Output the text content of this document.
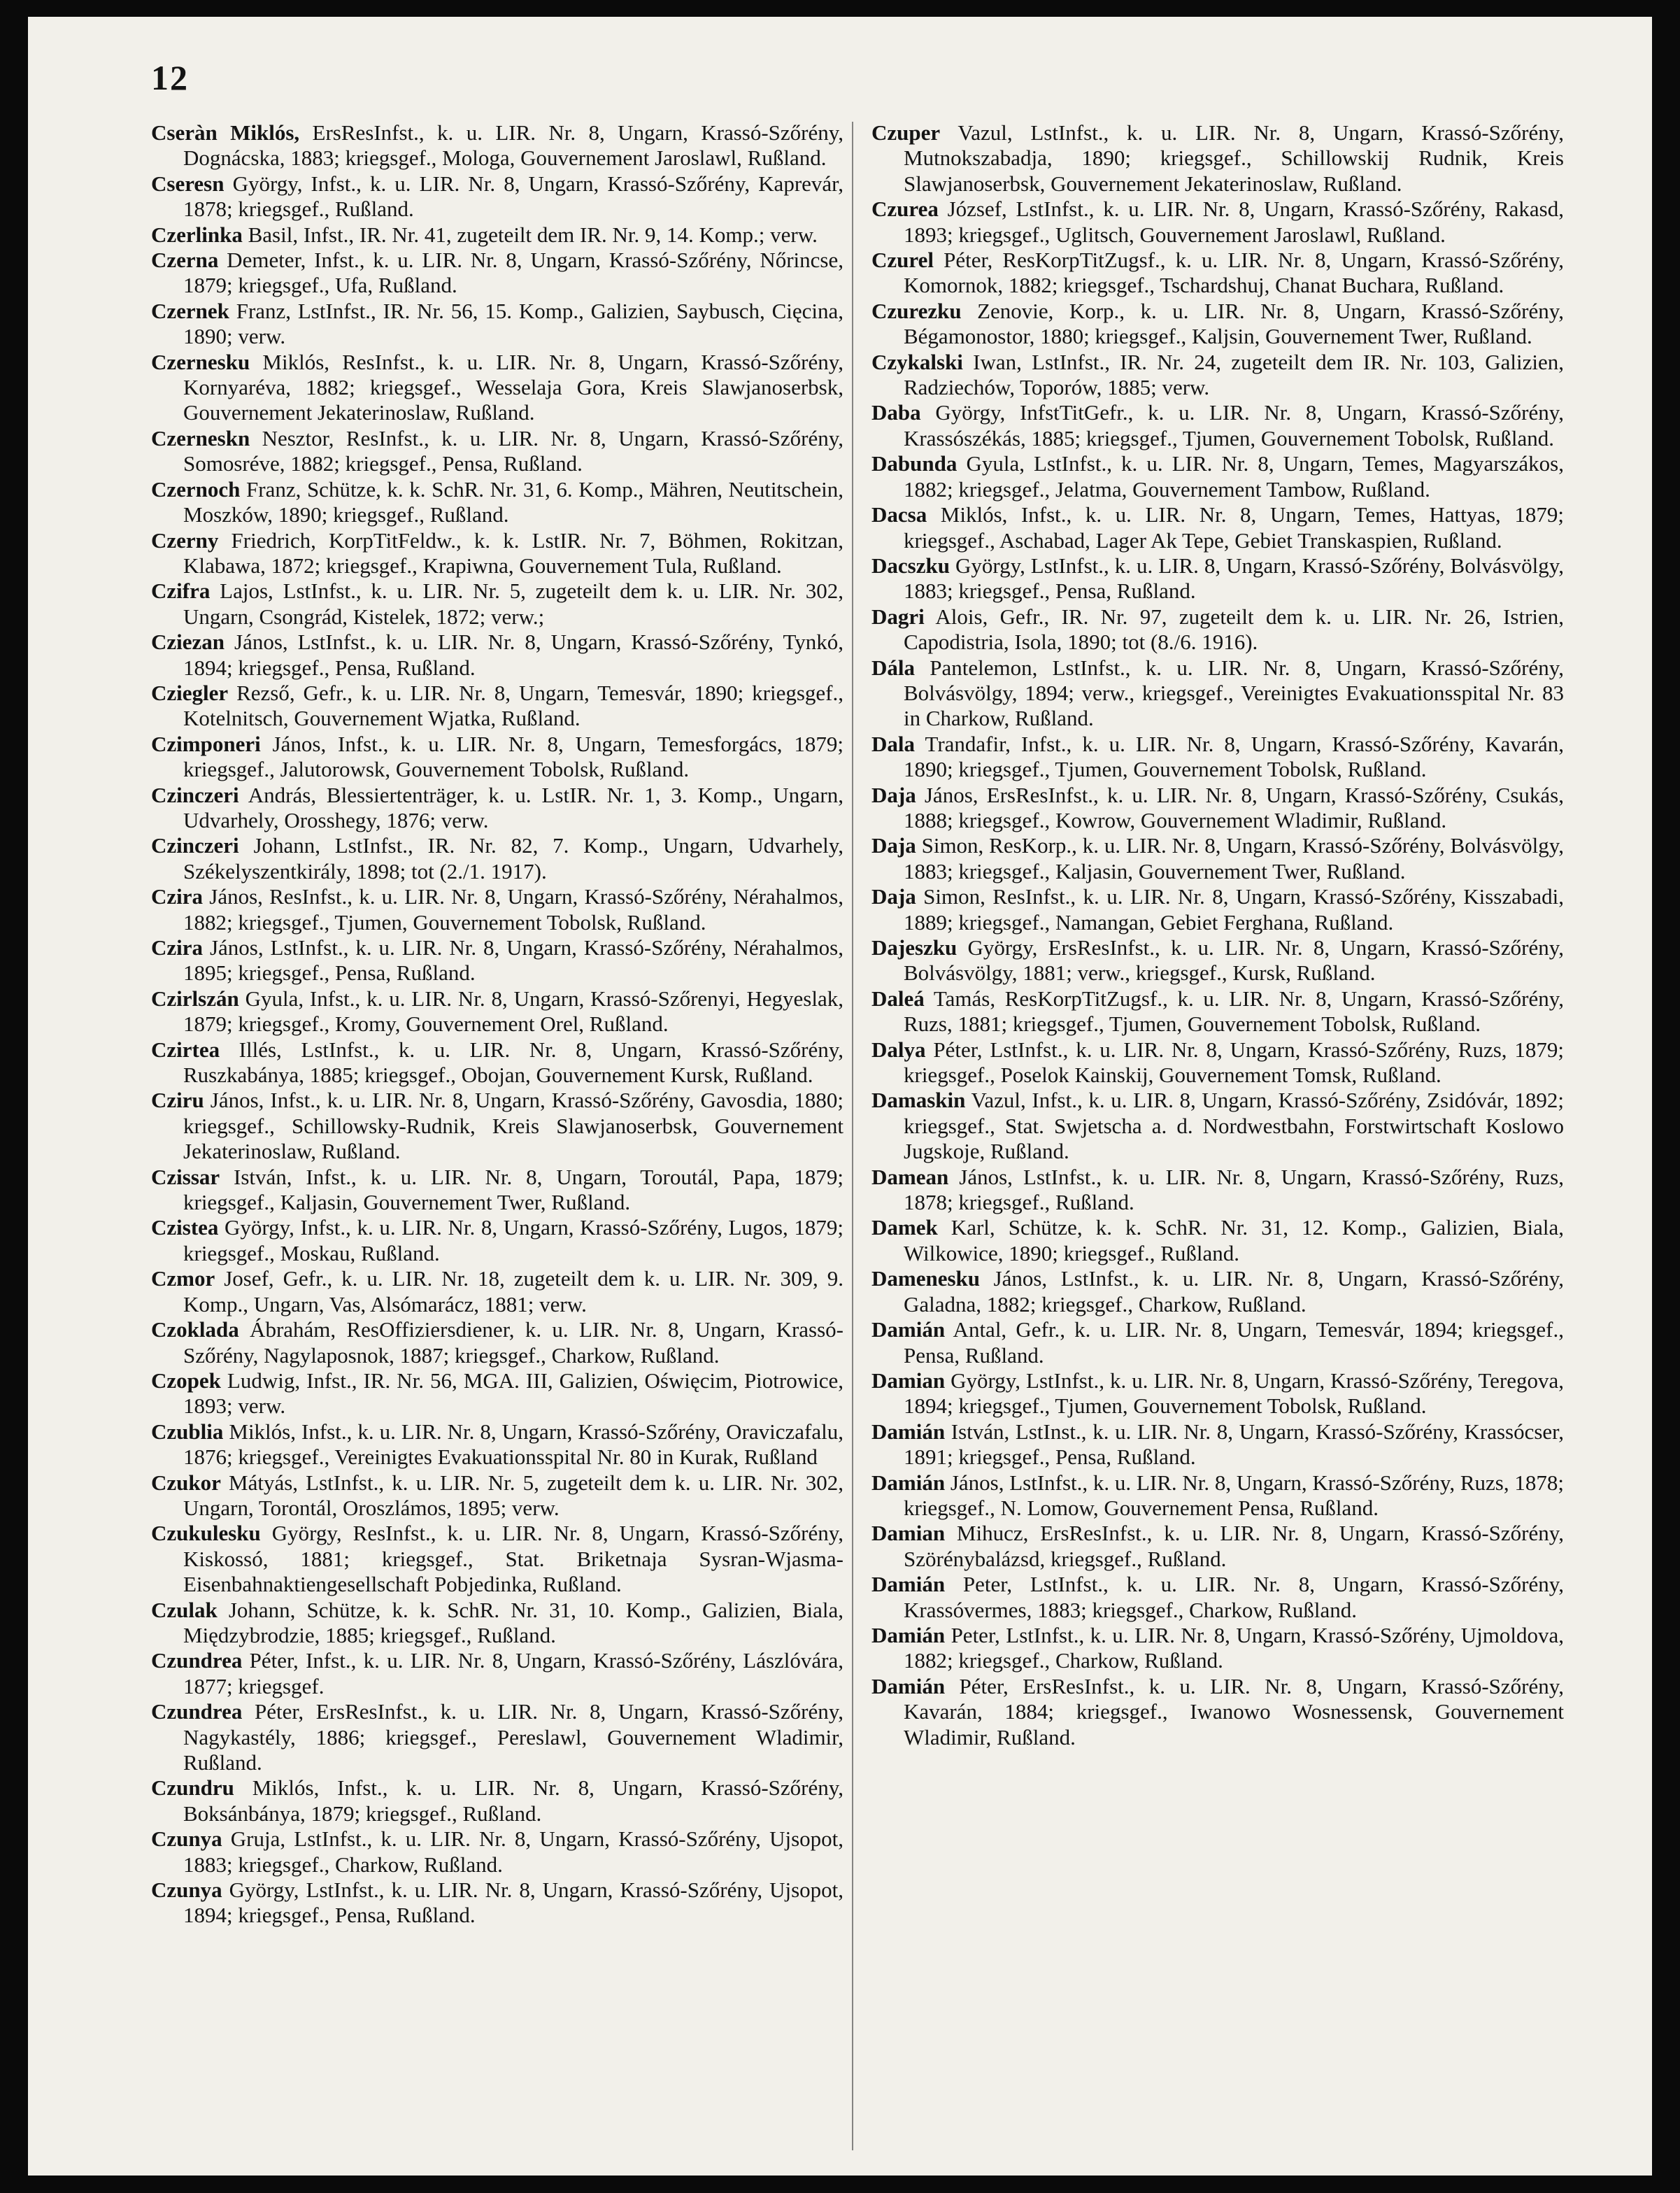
12

Cseràn Miklós, ErsResInfst., k. u. LIR. Nr. 8, Ungarn, Krassó-Szőrény, Dognácska, 1883; kriegsgef., Mologa, Gouvernement Jaroslawl, Rußland.

Cseresn György, Infst., k. u. LIR. Nr. 8, Ungarn, Krassó-Szőrény, Kaprevár, 1878; kriegsgef., Rußland.

Czerlinka Basil, Infst., IR. Nr. 41, zugeteilt dem IR. Nr. 9, 14. Komp.; verw.

Czerna Demeter, Infst., k. u. LIR. Nr. 8, Ungarn, Krassó-Szőrény, Nőrincse, 1879; kriegsgef., Ufa, Rußland.

Czernek Franz, LstInfst., IR. Nr. 56, 15. Komp., Galizien, Saybusch, Cięcina, 1890; verw.

Czernesku Miklós, ResInfst., k. u. LIR. Nr. 8, Ungarn, Krassó-Szőrény, Kornyaréva, 1882; kriegsgef., Wesselaja Gora, Kreis Slawjanoserbsk, Gouvernement Jekaterinoslaw, Rußland.

Czerneskn Nesztor, ResInfst., k. u. LIR. Nr. 8, Ungarn, Krassó-Szőrény, Somosréve, 1882; kriegsgef., Pensa, Rußland.

Czernoch Franz, Schütze, k. k. SchR. Nr. 31, 6. Komp., Mähren, Neutitschein, Moszków, 1890; kriegsgef., Rußland.

Czerny Friedrich, KorpTitFeldw., k. k. LstIR. Nr. 7, Böhmen, Rokitzan, Klabawa, 1872; kriegsgef., Krapiwna, Gouvernement Tula, Rußland.

Czifra Lajos, LstInfst., k. u. LIR. Nr. 5, zugeteilt dem k. u. LIR. Nr. 302, Ungarn, Csongrád, Kistelek, 1872; verw.;

Cziezan János, LstInfst., k. u. LIR. Nr. 8, Ungarn, Krassó-Szőrény, Tynkó, 1894; kriegsgef., Pensa, Rußland.

Cziegler Rezső, Gefr., k. u. LIR. Nr. 8, Ungarn, Temesvár, 1890; kriegsgef., Kotelnitsch, Gouvernement Wjatka, Rußland.

Czimponeri János, Infst., k. u. LIR. Nr. 8, Ungarn, Temesforgács, 1879; kriegsgef., Jalutorowsk, Gouvernement Tobolsk, Rußland.

Czinczeri András, Blessiertenträger, k. u. LstIR. Nr. 1, 3. Komp., Ungarn, Udvarhely, Orosshegy, 1876; verw.

Czinczeri Johann, LstInfst., IR. Nr. 82, 7. Komp., Ungarn, Udvarhely, Székelyszentkirály, 1898; tot (2./1. 1917).

Czira János, ResInfst., k. u. LIR. Nr. 8, Ungarn, Krassó-Szőrény, Nérahalmos, 1882; kriegsgef., Tjumen, Gouvernement Tobolsk, Rußland.

Czira János, LstInfst., k. u. LIR. Nr. 8, Ungarn, Krassó-Szőrény, Nérahalmos, 1895; kriegsgef., Pensa, Rußland.

Czirlszán Gyula, Infst., k. u. LIR. Nr. 8, Ungarn, Krassó-Szőrenyi, Hegyeslak, 1879; kriegsgef., Kromy, Gouvernement Orel, Rußland.

Czirtea Illés, LstInfst., k. u. LIR. Nr. 8, Ungarn, Krassó-Szőrény, Ruszkabánya, 1885; kriegsgef., Obojan, Gouvernement Kursk, Rußland.

Cziru János, Infst., k. u. LIR. Nr. 8, Ungarn, Krassó-Szőrény, Gavosdia, 1880; kriegsgef., Schillowsky-Rudnik, Kreis Slawjanoserbsk, Gouvernement Jekaterinoslaw, Rußland.

Czissar István, Infst., k. u. LIR. Nr. 8, Ungarn, Toroutál, Papa, 1879; kriegsgef., Kaljasin, Gouvernement Twer, Rußland.

Czistea György, Infst., k. u. LIR. Nr. 8, Ungarn, Krassó-Szőrény, Lugos, 1879; kriegsgef., Moskau, Rußland.

Czmor Josef, Gefr., k. u. LIR. Nr. 18, zugeteilt dem k. u. LIR. Nr. 309, 9. Komp., Ungarn, Vas, Alsómarácz, 1881; verw.

Czoklada Ábrahám, ResOffiziersdiener, k. u. LIR. Nr. 8, Ungarn, Krassó-Szőrény, Nagylaposnok, 1887; kriegsgef., Charkow, Rußland.

Czopek Ludwig, Infst., IR. Nr. 56, MGA. III, Galizien, Oświęcim, Piotrowice, 1893; verw.

Czublia Miklós, Infst., k. u. LIR. Nr. 8, Ungarn, Krassó-Szőrény, Oraviczafalu, 1876; kriegsgef., Vereinigtes Evakuationsspital Nr. 80 in Kurak, Rußland

Czukor Mátyás, LstInfst., k. u. LIR. Nr. 5, zugeteilt dem k. u. LIR. Nr. 302, Ungarn, Torontál, Oroszlámos, 1895; verw.

Czukulesku György, ResInfst., k. u. LIR. Nr. 8, Ungarn, Krassó-Szőrény, Kiskossó, 1881; kriegsgef., Stat. Briketnaja Sysran-Wjasma-Eisenbahnaktiengesellschaft Pobjedinka, Rußland.

Czulak Johann, Schütze, k. k. SchR. Nr. 31, 10. Komp., Galizien, Biala, Międzybrodzie, 1885; kriegsgef., Rußland.

Czundrea Péter, Infst., k. u. LIR. Nr. 8, Ungarn, Krassó-Szőrény, Lászlóvára, 1877; kriegsgef.

Czundrea Péter, ErsResInfst., k. u. LIR. Nr. 8, Ungarn, Krassó-Szőrény, Nagykastély, 1886; kriegsgef., Pereslawl, Gouvernement Wladimir, Rußland.

Czundru Miklós, Infst., k. u. LIR. Nr. 8, Ungarn, Krassó-Szőrény, Boksánbánya, 1879; kriegsgef., Rußland.

Czunya Gruja, LstInfst., k. u. LIR. Nr. 8, Ungarn, Krassó-Szőrény, Ujsopot, 1883; kriegsgef., Charkow, Rußland.

Czunya György, LstInfst., k. u. LIR. Nr. 8, Ungarn, Krassó-Szőrény, Ujsopot, 1894; kriegsgef., Pensa, Rußland.

Czuper Vazul, LstInfst., k. u. LIR. Nr. 8, Ungarn, Krassó-Szőrény, Mutnokszabadja, 1890; kriegsgef., Schillowskij Rudnik, Kreis Slawjanoserbsk, Gouvernement Jekaterinoslaw, Rußland.

Czurea József, LstInfst., k. u. LIR. Nr. 8, Ungarn, Krassó-Szőrény, Rakasd, 1893; kriegsgef., Uglitsch, Gouvernement Jaroslawl, Rußland.

Czurel Péter, ResKorpTitZugsf., k. u. LIR. Nr. 8, Ungarn, Krassó-Szőrény, Komornok, 1882; kriegsgef., Tschardshuj, Chanat Buchara, Rußland.

Czurezku Zenovie, Korp., k. u. LIR. Nr. 8, Ungarn, Krassó-Szőrény, Bégamonostor, 1880; kriegsgef., Kaljsin, Gouvernement Twer, Rußland.

Czykalski Iwan, LstInfst., IR. Nr. 24, zugeteilt dem IR. Nr. 103, Galizien, Radziechów, Toporów, 1885; verw.

Daba György, InfstTitGefr., k. u. LIR. Nr. 8, Ungarn, Krassó-Szőrény, Krassószékás, 1885; kriegsgef., Tjumen, Gouvernement Tobolsk, Rußland.

Dabunda Gyula, LstInfst., k. u. LIR. Nr. 8, Ungarn, Temes, Magyarszákos, 1882; kriegsgef., Jelatma, Gouvernement Tambow, Rußland.

Dacsa Miklós, Infst., k. u. LIR. Nr. 8, Ungarn, Temes, Hattyas, 1879; kriegsgef., Aschabad, Lager Ak Tepe, Gebiet Transkaspien, Rußland.

Dacszku György, LstInfst., k. u. LIR. 8, Ungarn, Krassó-Szőrény, Bolvásvölgy, 1883; kriegsgef., Pensa, Rußland.

Dagri Alois, Gefr., IR. Nr. 97, zugeteilt dem k. u. LIR. Nr. 26, Istrien, Capodistria, Isola, 1890; tot (8./6. 1916).

Dála Pantelemon, LstInfst., k. u. LIR. Nr. 8, Ungarn, Krassó-Szőrény, Bolvásvölgy, 1894; verw., kriegsgef., Vereinigtes Evakuationsspital Nr. 83 in Charkow, Rußland.

Dala Trandafir, Infst., k. u. LIR. Nr. 8, Ungarn, Krassó-Szőrény, Kavarán, 1890; kriegsgef., Tjumen, Gouvernement Tobolsk, Rußland.

Daja János, ErsResInfst., k. u. LIR. Nr. 8, Ungarn, Krassó-Szőrény, Csukás, 1888; kriegsgef., Kowrow, Gouvernement Wladimir, Rußland.

Daja Simon, ResKorp., k. u. LIR. Nr. 8, Ungarn, Krassó-Szőrény, Bolvásvölgy, 1883; kriegsgef., Kaljasin, Gouvernement Twer, Rußland.

Daja Simon, ResInfst., k. u. LIR. Nr. 8, Ungarn, Krassó-Szőrény, Kisszabadi, 1889; kriegsgef., Namangan, Gebiet Ferghana, Rußland.

Dajeszku György, ErsResInfst., k. u. LIR. Nr. 8, Ungarn, Krassó-Szőrény, Bolvásvölgy, 1881; verw., kriegsgef., Kursk, Rußland.

Daleá Tamás, ResKorpTitZugsf., k. u. LIR. Nr. 8, Ungarn, Krassó-Szőrény, Ruzs, 1881; kriegsgef., Tjumen, Gouvernement Tobolsk, Rußland.

Dalya Péter, LstInfst., k. u. LIR. Nr. 8, Ungarn, Krassó-Szőrény, Ruzs, 1879; kriegsgef., Poselok Kainskij, Gouvernement Tomsk, Rußland.

Damaskin Vazul, Infst., k. u. LIR. 8, Ungarn, Krassó-Szőrény, Zsidóvár, 1892; kriegsgef., Stat. Swjetscha a. d. Nordwestbahn, Forstwirtschaft Koslowo Jugskoje, Rußland.

Damean János, LstInfst., k. u. LIR. Nr. 8, Ungarn, Krassó-Szőrény, Ruzs, 1878; kriegsgef., Rußland.

Damek Karl, Schütze, k. k. SchR. Nr. 31, 12. Komp., Galizien, Biala, Wilkowice, 1890; kriegsgef., Rußland.

Damenesku János, LstInfst., k. u. LIR. Nr. 8, Ungarn, Krassó-Szőrény, Galadna, 1882; kriegsgef., Charkow, Rußland.

Damián Antal, Gefr., k. u. LIR. Nr. 8, Ungarn, Temesvár, 1894; kriegsgef., Pensa, Rußland.

Damian György, LstInfst., k. u. LIR. Nr. 8, Ungarn, Krassó-Szőrény, Teregova, 1894; kriegsgef., Tjumen, Gouvernement Tobolsk, Rußland.

Damián István, LstInst., k. u. LIR. Nr. 8, Ungarn, Krassó-Szőrény, Krassócser, 1891; kriegsgef., Pensa, Rußland.

Damián János, LstInfst., k. u. LIR. Nr. 8, Ungarn, Krassó-Szőrény, Ruzs, 1878; kriegsgef., N. Lomow, Gouvernement Pensa, Rußland.

Damian Mihucz, ErsResInfst., k. u. LIR. Nr. 8, Ungarn, Krassó-Szőrény, Szörénybalázsd, kriegsgef., Rußland.

Damián Peter, LstInfst., k. u. LIR. Nr. 8, Ungarn, Krassó-Szőrény, Krassóvermes, 1883; kriegsgef., Charkow, Rußland.

Damián Peter, LstInfst., k. u. LIR. Nr. 8, Ungarn, Krassó-Szőrény, Ujmoldova, 1882; kriegsgef., Charkow, Rußland.

Damián Péter, ErsResInfst., k. u. LIR. Nr. 8, Ungarn, Krassó-Szőrény, Kavarán, 1884; kriegsgef., Iwanowo Wosnessensk, Gouvernement Wladimir, Rußland.
